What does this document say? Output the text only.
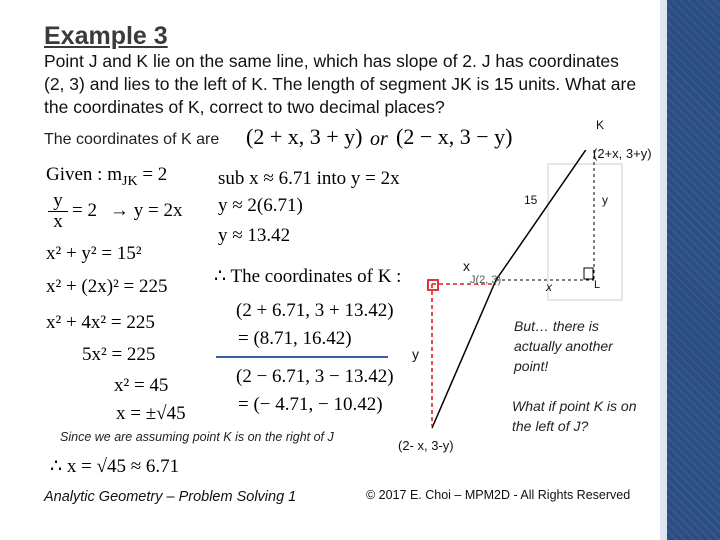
Example 3
Point J and K lie on the same line, which has slope of 2. J has coordinates (2, 3) and lies to the left of K. The length of segment JK is 15 units. What are the coordinates of K, correct to two decimal places?
The coordinates of K are (2 + x, 3 + y) or (2 − x, 3 − y)
Given : $m_{JK} = 2$
$\frac{y}{x} = 2 \to y = 2x$
x² + y² = 15²
x² + (2x)² = 225
x² + 4x² = 225
5x² = 225
x² = 45
x = ±√45
Since we are assuming point K is on the right of J
∴ x = √45 ≈ 6.71
sub x ≈ 6.71 into y = 2x
y ≈ 2(6.71)
y ≈ 13.42
∴ The coordinates of K :
(2 + 6.71, 3 + 13.42)
= (8.71, 16.42)
(2 − 6.71, 3 − 13.42)
= (− 4.71, − 10.42)
K
(2+x, 3+y)
15	y
x
J(2, 3)	x	L
y
(2- x, 3-y)
But… there is actually another point!
What if point K is on the left of J?
Analytic Geometry – Problem Solving 1	© 2017 E. Choi – MPM2D - All Rights Reserved
